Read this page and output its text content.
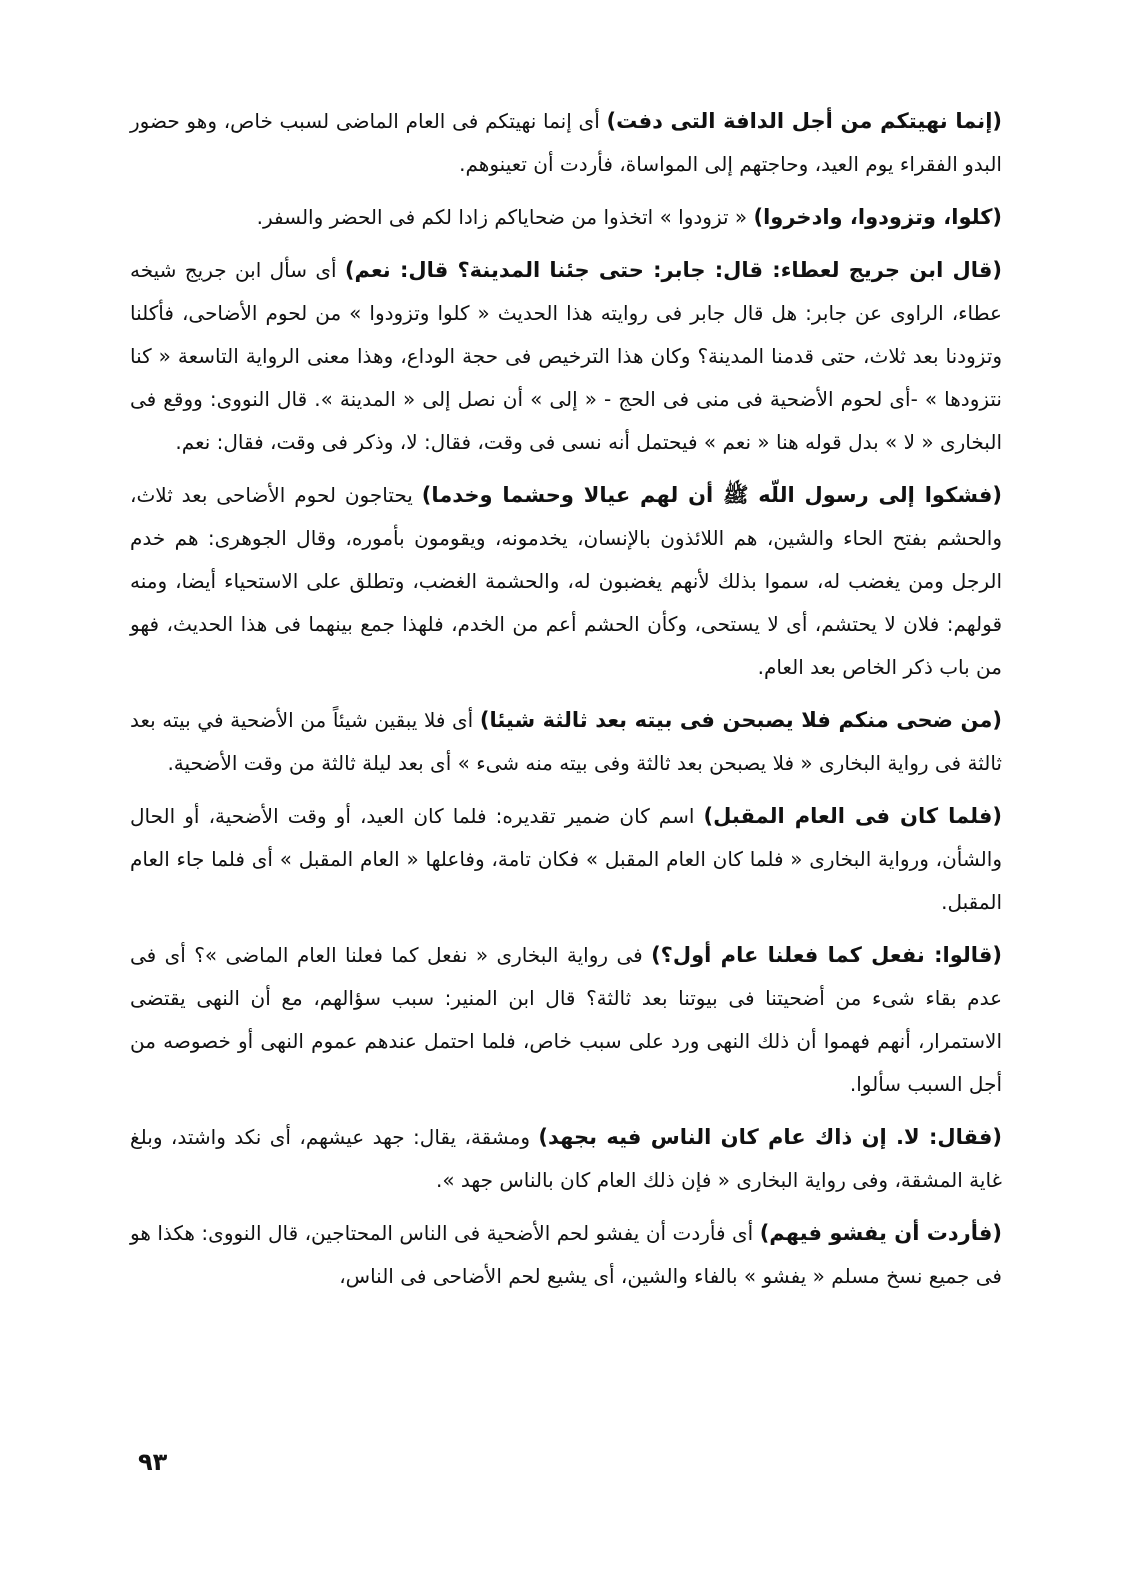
(إنما نهيتكم من أجل الدافة التى دفت) أى إنما نهيتكم فى العام الماضى لسبب خاص، وهو حضور البدو الفقراء يوم العيد، وحاجتهم إلى المواساة، فأردت أن تعينوهم.

(كلوا، وتزودوا، وادخروا) « تزودوا » اتخذوا من ضحاياكم زادا لكم فى الحضر والسفر.

(قال ابن جريج لعطاء: قال: جابر: حتى جئنا المدينة؟ قال: نعم) أى سأل ابن جريج شيخه عطاء، الراوى عن جابر: هل قال جابر فى روايته هذا الحديث « كلوا وتزودوا » من لحوم الأضاحى، فأكلنا وتزودنا بعد ثلاث، حتى قدمنا المدينة؟ وكان هذا الترخيص فى حجة الوداع، وهذا معنى الرواية التاسعة « كنا نتزودها » -أى لحوم الأضحية فى منى فى الحج - « إلى » أن نصل إلى « المدينة ». قال النووى: ووقع فى البخارى « لا » بدل قوله هنا « نعم » فيحتمل أنه نسى فى وقت، فقال: لا، وذكر فى وقت، فقال: نعم.

(فشكوا إلى رسول اللّه ﷺ أن لهم عيالا وحشما وخدما) يحتاجون لحوم الأضاحى بعد ثلاث، والحشم بفتح الحاء والشين، هم اللائذون بالإنسان، يخدمونه، ويقومون بأموره، وقال الجوهرى: هم خدم الرجل ومن يغضب له، سموا بذلك لأنهم يغضبون له، والحشمة الغضب، وتطلق على الاستحياء أيضا، ومنه قولهم: فلان لا يحتشم، أى لا يستحى، وكأن الحشم أعم من الخدم، فلهذا جمع بينهما فى هذا الحديث، فهو من باب ذكر الخاص بعد العام.

(من ضحى منكم فلا يصبحن فى بيته بعد ثالثة شيئا) أى فلا يبقين شيئاً من الأضحية في بيته بعد ثالثة فى رواية البخارى « فلا يصبحن بعد ثالثة وفى بيته منه شىء » أى بعد ليلة ثالثة من وقت الأضحية.

(فلما كان فى العام المقبل) اسم كان ضمير تقديره: فلما كان العيد، أو وقت الأضحية، أو الحال والشأن، ورواية البخارى « فلما كان العام المقبل » فكان تامة، وفاعلها « العام المقبل » أى فلما جاء العام المقبل.

(قالوا: نفعل كما فعلنا عام أول؟) فى رواية البخارى « نفعل كما فعلنا العام الماضى »؟ أى فى عدم بقاء شىء من أضحيتنا فى بيوتنا بعد ثالثة؟ قال ابن المنير: سبب سؤالهم، مع أن النهى يقتضى الاستمرار، أنهم فهموا أن ذلك النهى ورد على سبب خاص، فلما احتمل عندهم عموم النهى أو خصوصه من أجل السبب سألوا.

(فقال: لا. إن ذاك عام كان الناس فيه بجهد) ومشقة، يقال: جهد عيشهم، أى نكد واشتد، وبلغ غاية المشقة، وفى رواية البخارى « فإن ذلك العام كان بالناس جهد ».

(فأردت أن يفشو فيهم) أى فأردت أن يفشو لحم الأضحية فى الناس المحتاجين، قال النووى: هكذا هو فى جميع نسخ مسلم « يفشو » بالفاء والشين، أى يشيع لحم الأضاحى فى الناس،

٩٣
